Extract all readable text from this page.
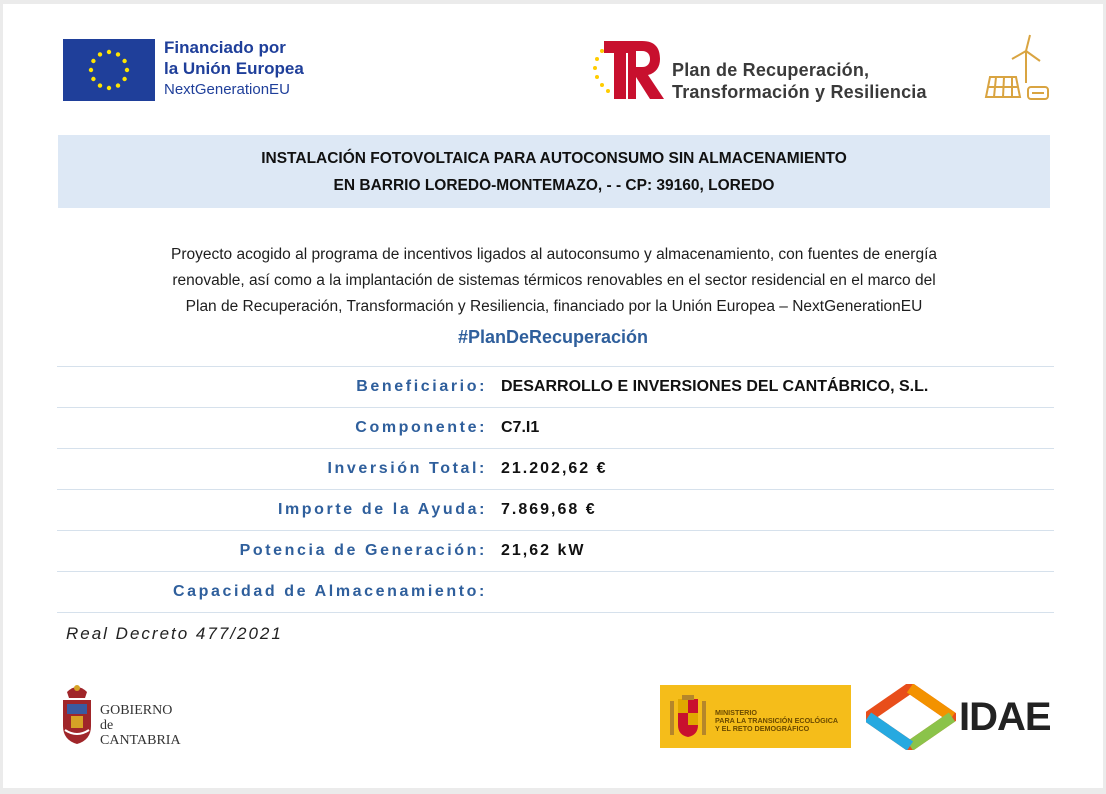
Financiado por
la Unión Europea
NextGenerationEU
Plan de Recuperación,
Transformación y Resiliencia
INSTALACIÓN FOTOVOLTAICA PARA AUTOCONSUMO SIN ALMACENAMIENTO
EN BARRIO LOREDO-MONTEMAZO, - - CP: 39160, LOREDO
Proyecto acogido al programa de incentivos ligados al autoconsumo y almacenamiento, con fuentes de energía
renovable, así como a la implantación de sistemas térmicos renovables en el sector residencial en el marco del
Plan de Recuperación, Transformación y Resiliencia, financiado por la Unión Europea – NextGenerationEU
#PlanDeRecuperación
Beneficiario: DESARROLLO E INVERSIONES DEL CANTÁBRICO, S.L.
Componente: C7.I1
Inversión Total: 21.202,62 €
Importe de la Ayuda: 7.869,68 €
Potencia de Generación: 21,62 kW
Capacidad de Almacenamiento:
Real Decreto 477/2021
GOBIERNO
de
CANTABRIA
MINISTERIO
PARA LA TRANSICIÓN ECOLÓGICA
Y EL RETO DEMOGRÁFICO	IDAE
